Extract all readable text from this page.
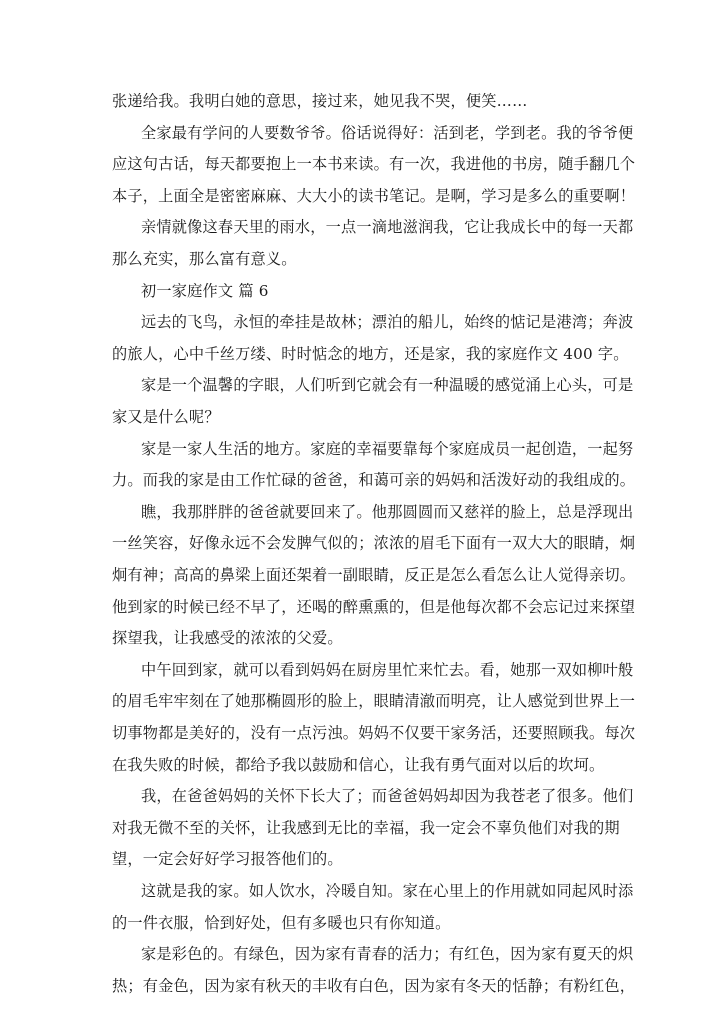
张递给我。我明白她的意思，接过来，她见我不哭，便笑……
全家最有学问的人要数爷爷。俗话说得好：活到老，学到老。我的爷爷便
应这句古话，每天都要抱上一本书来读。有一次，我进他的书房，随手翻几个
本子，上面全是密密麻麻、大大小的读书笔记。是啊，学习是多么的重要啊！
亲情就像这春天里的雨水，一点一滴地滋润我，它让我成长中的每一天都
那么充实，那么富有意义。
初一家庭作文 篇 6
远去的飞鸟，永恒的牵挂是故林；漂泊的船儿，始终的惦记是港湾；奔波
的旅人，心中千丝万缕、时时惦念的地方，还是家，我的家庭作文 400 字。
家是一个温馨的字眼，人们听到它就会有一种温暖的感觉涌上心头，可是
家又是什么呢？
家是一家人生活的地方。家庭的幸福要靠每个家庭成员一起创造，一起努
力。而我的家是由工作忙碌的爸爸，和蔼可亲的妈妈和活泼好动的我组成的。
瞧，我那胖胖的爸爸就要回来了。他那圆圆而又慈祥的脸上，总是浮现出
一丝笑容，好像永远不会发脾气似的；浓浓的眉毛下面有一双大大的眼睛，炯
炯有神；高高的鼻梁上面还架着一副眼睛，反正是怎么看怎么让人觉得亲切。
他到家的时候已经不早了，还喝的醉熏熏的，但是他每次都不会忘记过来探望
探望我，让我感受的浓浓的父爱。
中午回到家，就可以看到妈妈在厨房里忙来忙去。看，她那一双如柳叶般
的眉毛牢牢刻在了她那椭圆形的脸上，眼睛清澈而明亮，让人感觉到世界上一
切事物都是美好的，没有一点污浊。妈妈不仅要干家务活，还要照顾我。每次
在我失败的时候，都给予我以鼓励和信心，让我有勇气面对以后的坎坷。
我，在爸爸妈妈的关怀下长大了；而爸爸妈妈却因为我苍老了很多。他们
对我无微不至的关怀，让我感到无比的幸福，我一定会不辜负他们对我的期
望，一定会好好学习报答他们的。
这就是我的家。如人饮水，冷暖自知。家在心里上的作用就如同起风时添
的一件衣服，恰到好处，但有多暖也只有你知道。
家是彩色的。有绿色，因为家有青春的活力；有红色，因为家有夏天的炽
热；有金色，因为家有秋天的丰收有白色，因为家有冬天的恬静；有粉红色，
